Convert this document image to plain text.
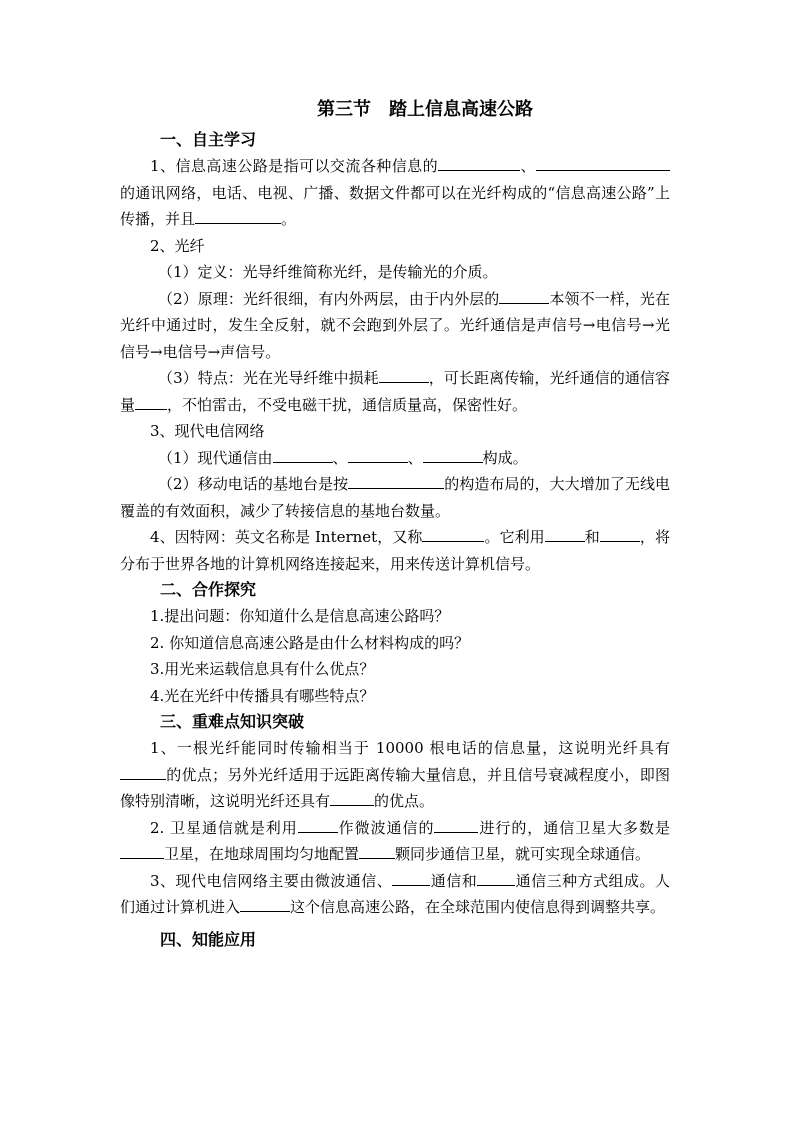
第三节　踏上信息高速公路
一、自主学习

1、信息高速公路是指可以交流各种信息的	、的通讯网络，电话、电视、广播、数据文件都可以在光纤构成的“信息高速公路”上传播，并且	。

2、光纤

（1）定义：光导纤维简称光纤，是传输光的介质。

（2）原理：光纤很细，有内外两层，由于内外层的	本领不一样，光在光纤中通过时，发生全反射，就不会跑到外层了。光纤通信是声信号→电信号→光信号→电信号→声信号。

（3）特点：光在光导纤维中损耗	，可长距离传输，光纤通信的通信容量 ，不怕雷击，不受电磁干扰，通信质量高，保密性好。

3、现代电信网络

（1）现代通信由	、	、	构成。

（2）移动电话的基地台是按	的构造布局的，大大增加了无线电覆盖的有效面积，减少了转接信息的基地台数量。

4、因特网：英文名称是 Internet，又称	。它利用	和	，将分布于世界各地的计算机网络连接起来，用来传送计算机信号。

二、合作探究

1.提出问题：你知道什么是信息高速公路吗？

2. 你知道信息高速公路是由什么材料构成的吗？

3.用光来运载信息具有什么优点？

4.光在光纤中传播具有哪些特点？

三、重难点知识突破

1、一根光纤能同时传输相当于 10000 根电话的信息量，这说明光纤具有的优点；另外光纤适用于远距离传输大量信息，并且信号衰减程度小，即图像特别清晰，这说明光纤还具有	的优点。

2. 卫星通信就是利用	作微波通信的	进行的，通信卫星大多数是卫星，在地球周围均匀地配置 颗同步通信卫星，就可实现全球通信。

3、现代电信网络主要由微波通信、	通信和	通信三种方式组成。人们通过计算机进入	这个信息高速公路，在全球范围内使信息得到调整共享。

四、知能应用
